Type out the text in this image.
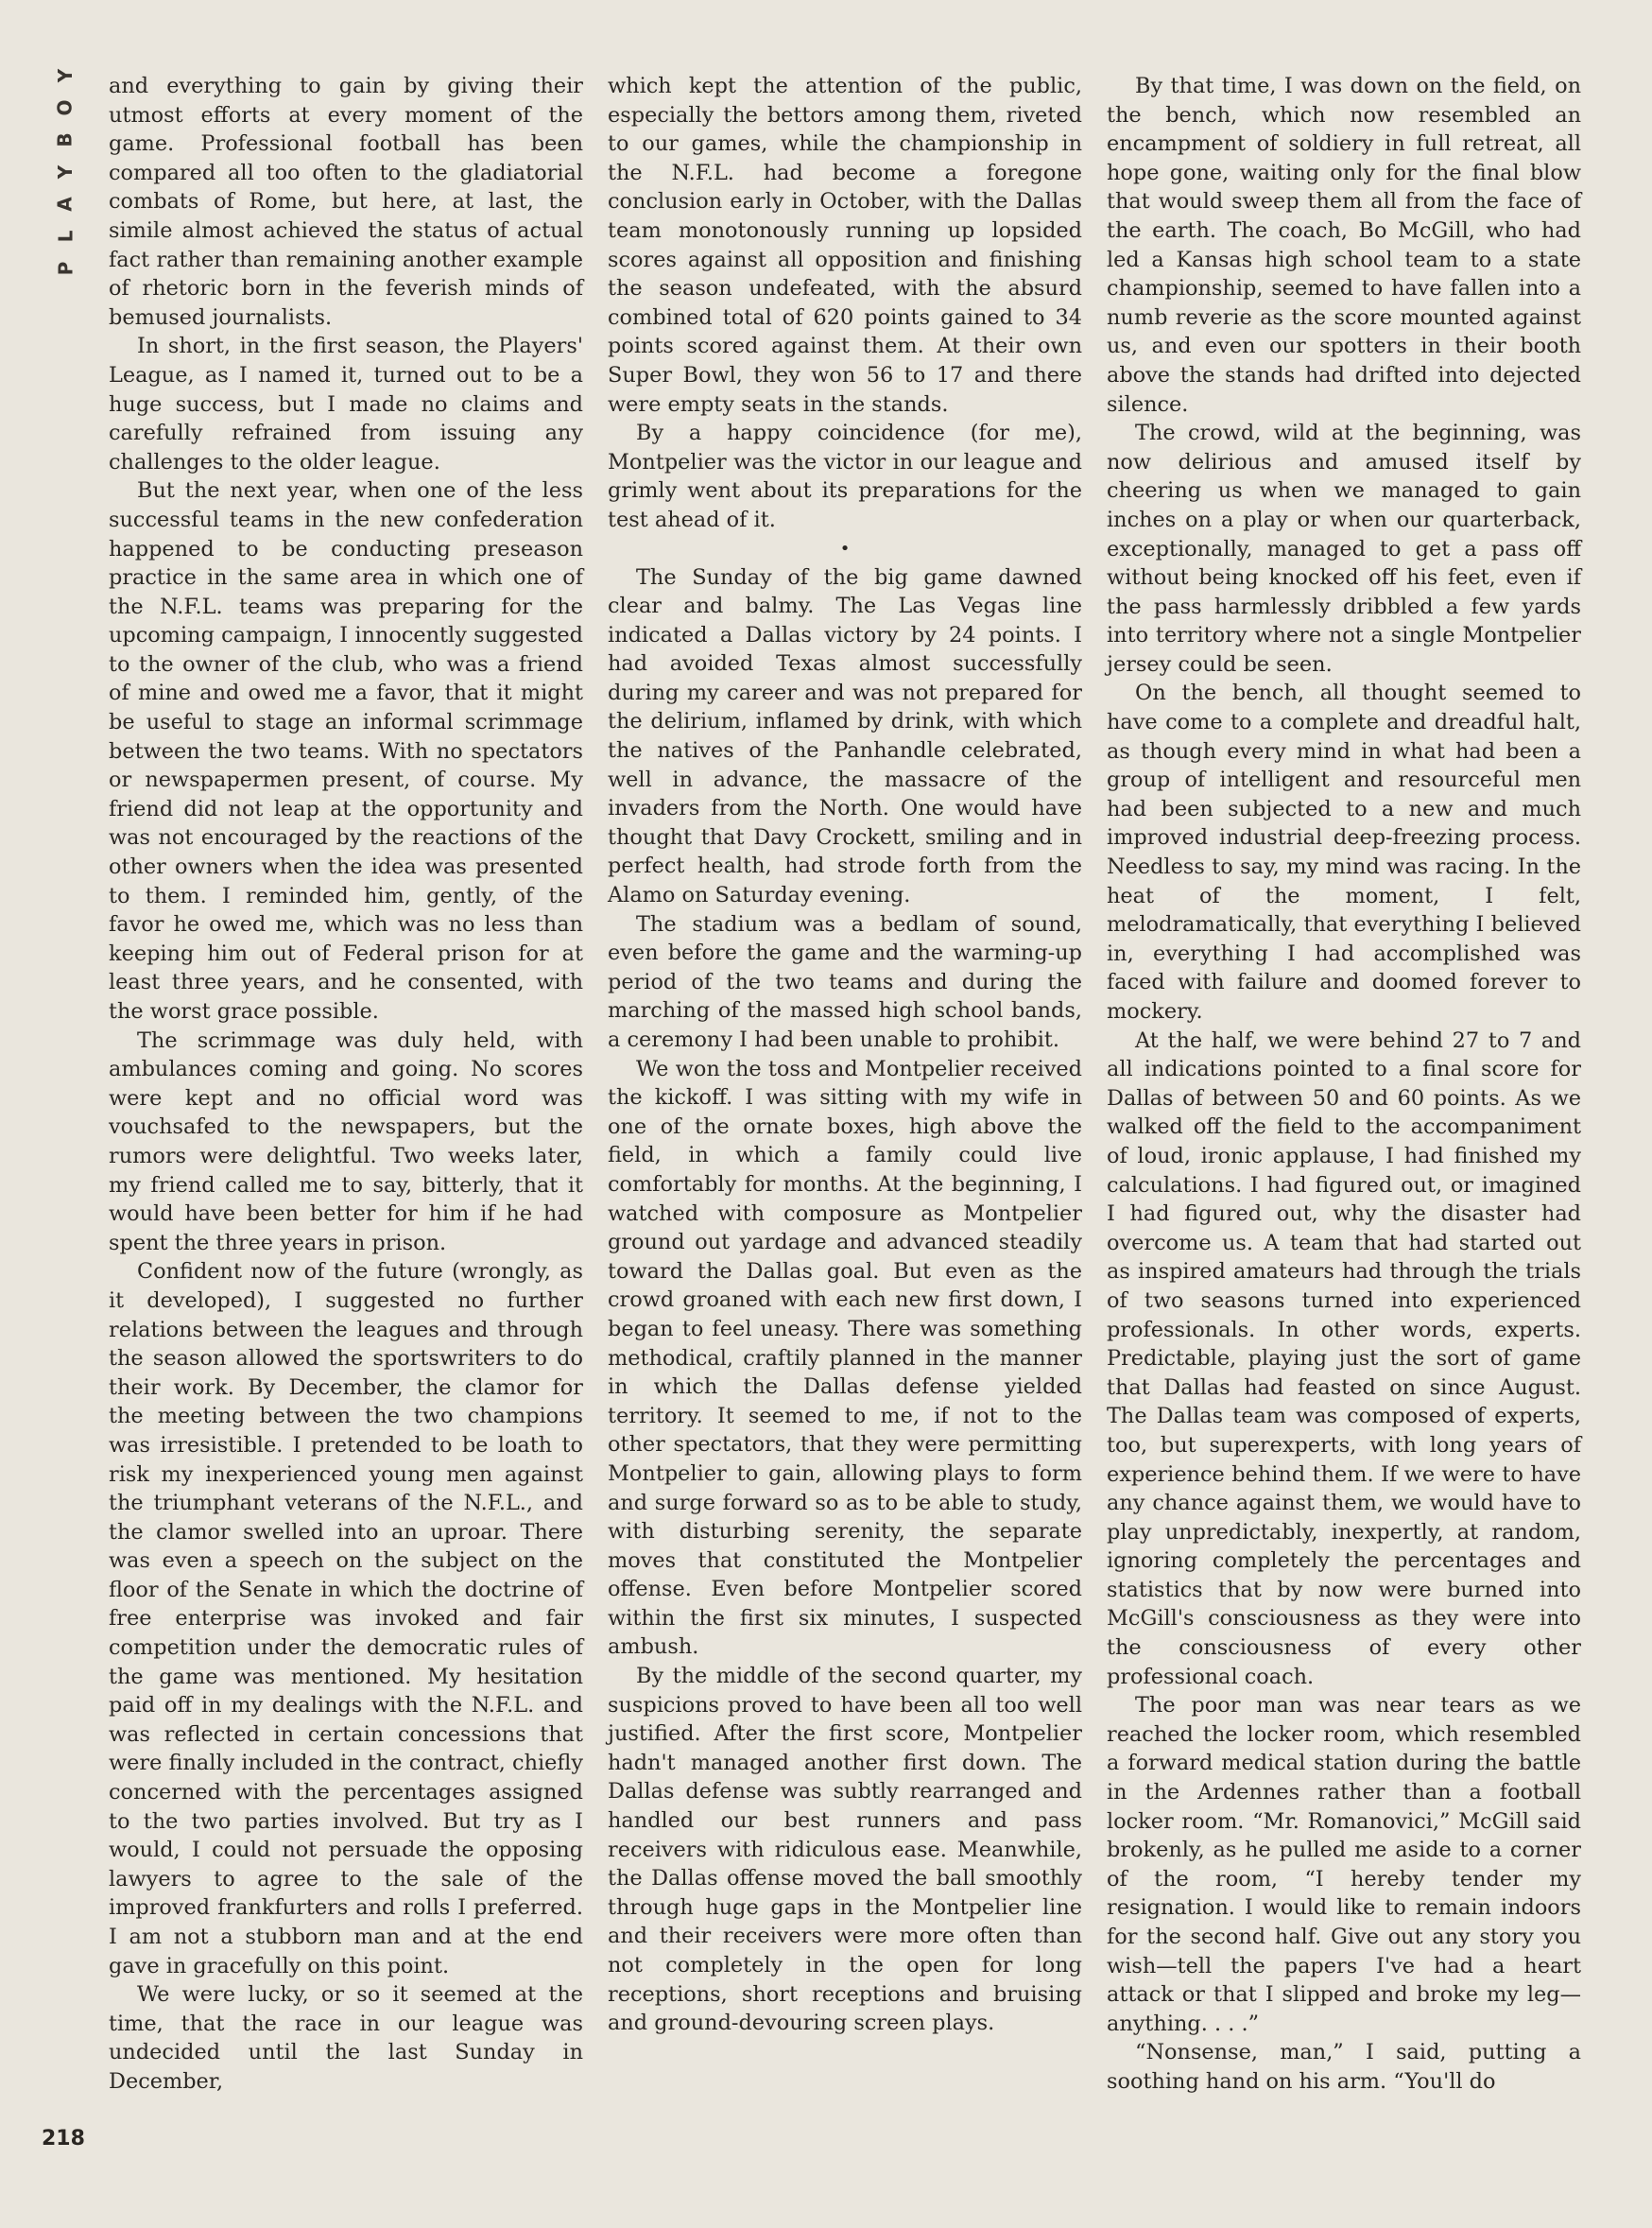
Y
O
B
Y
A
L
P

and everything to gain by giving their utmost efforts at every moment of the game. Professional football has been compared all too often to the gladiatorial combats of Rome, but here, at last, the simile almost achieved the status of actual fact rather than remaining another example of rhetoric born in the feverish minds of bemused journalists.

In short, in the first season, the Players' League, as I named it, turned out to be a huge success, but I made no claims and carefully refrained from issuing any challenges to the older league.

But the next year, when one of the less successful teams in the new confederation happened to be conducting preseason practice in the same area in which one of the N.F.L. teams was preparing for the upcoming campaign, I innocently suggested to the owner of the club, who was a friend of mine and owed me a favor, that it might be useful to stage an informal scrimmage between the two teams. With no spectators or newspapermen present, of course. My friend did not leap at the opportunity and was not encouraged by the reactions of the other owners when the idea was presented to them. I reminded him, gently, of the favor he owed me, which was no less than keeping him out of Federal prison for at least three years, and he consented, with the worst grace possible.

The scrimmage was duly held, with ambulances coming and going. No scores were kept and no official word was vouchsafed to the newspapers, but the rumors were delightful. Two weeks later, my friend called me to say, bitterly, that it would have been better for him if he had spent the three years in prison.

Confident now of the future (wrongly, as it developed), I suggested no further relations between the leagues and through the season allowed the sportswriters to do their work. By December, the clamor for the meeting between the two champions was irresistible. I pretended to be loath to risk my inexperienced young men against the triumphant veterans of the N.F.L., and the clamor swelled into an uproar. There was even a speech on the subject on the floor of the Senate in which the doctrine of free enterprise was invoked and fair competition under the democratic rules of the game was mentioned. My hesitation paid off in my dealings with the N.F.L. and was reflected in certain concessions that were finally included in the contract, chiefly concerned with the percentages assigned to the two parties involved. But try as I would, I could not persuade the opposing lawyers to agree to the sale of the improved frankfurters and rolls I preferred. I am not a stubborn man and at the end gave in gracefully on this point.

We were lucky, or so it seemed at the time, that the race in our league was undecided until the last Sunday in December,

which kept the attention of the public, especially the bettors among them, riveted to our games, while the championship in the N.F.L. had become a foregone conclusion early in October, with the Dallas team monotonously running up lopsided scores against all opposition and finishing the season undefeated, with the absurd combined total of 620 points gained to 34 points scored against them. At their own Super Bowl, they won 56 to 17 and there were empty seats in the stands.

By a happy coincidence (for me), Montpelier was the victor in our league and grimly went about its preparations for the test ahead of it.

•

The Sunday of the big game dawned clear and balmy. The Las Vegas line indicated a Dallas victory by 24 points. I had avoided Texas almost successfully during my career and was not prepared for the delirium, inflamed by drink, with which the natives of the Panhandle celebrated, well in advance, the massacre of the invaders from the North. One would have thought that Davy Crockett, smiling and in perfect health, had strode forth from the Alamo on Saturday evening.

The stadium was a bedlam of sound, even before the game and the warming-up period of the two teams and during the marching of the massed high school bands, a ceremony I had been unable to prohibit.

We won the toss and Montpelier received the kickoff. I was sitting with my wife in one of the ornate boxes, high above the field, in which a family could live comfortably for months. At the beginning, I watched with composure as Montpelier ground out yardage and advanced steadily toward the Dallas goal. But even as the crowd groaned with each new first down, I began to feel uneasy. There was something methodical, craftily planned in the manner in which the Dallas defense yielded territory. It seemed to me, if not to the other spectators, that they were permitting Montpelier to gain, allowing plays to form and surge forward so as to be able to study, with disturbing serenity, the separate moves that constituted the Montpelier offense. Even before Montpelier scored within the first six minutes, I suspected ambush.

By the middle of the second quarter, my suspicions proved to have been all too well justified. After the first score, Montpelier hadn't managed another first down. The Dallas defense was subtly rearranged and handled our best runners and pass receivers with ridiculous ease. Meanwhile, the Dallas offense moved the ball smoothly through huge gaps in the Montpelier line and their receivers were more often than not completely in the open for long receptions, short receptions and bruising and ground-devouring screen plays.

By that time, I was down on the field, on the bench, which now resembled an encampment of soldiery in full retreat, all hope gone, waiting only for the final blow that would sweep them all from the face of the earth. The coach, Bo McGill, who had led a Kansas high school team to a state championship, seemed to have fallen into a numb reverie as the score mounted against us, and even our spotters in their booth above the stands had drifted into dejected silence.

The crowd, wild at the beginning, was now delirious and amused itself by cheering us when we managed to gain inches on a play or when our quarterback, exceptionally, managed to get a pass off without being knocked off his feet, even if the pass harmlessly dribbled a few yards into territory where not a single Montpelier jersey could be seen.

On the bench, all thought seemed to have come to a complete and dreadful halt, as though every mind in what had been a group of intelligent and resourceful men had been subjected to a new and much improved industrial deep-freezing process. Needless to say, my mind was racing. In the heat of the moment, I felt, melodramatically, that everything I believed in, everything I had accomplished was faced with failure and doomed forever to mockery.

At the half, we were behind 27 to 7 and all indications pointed to a final score for Dallas of between 50 and 60 points. As we walked off the field to the accompaniment of loud, ironic applause, I had finished my calculations. I had figured out, or imagined I had figured out, why the disaster had overcome us. A team that had started out as inspired amateurs had through the trials of two seasons turned into experienced professionals. In other words, experts. Predictable, playing just the sort of game that Dallas had feasted on since August. The Dallas team was composed of experts, too, but superexperts, with long years of experience behind them. If we were to have any chance against them, we would have to play unpredictably, inexpertly, at random, ignoring completely the percentages and statistics that by now were burned into McGill's consciousness as they were into the consciousness of every other professional coach.

The poor man was near tears as we reached the locker room, which resembled a forward medical station during the battle in the Ardennes rather than a football locker room. “Mr. Romanovici,” McGill said brokenly, as he pulled me aside to a corner of the room, “I hereby tender my resignation. I would like to remain indoors for the second half. Give out any story you wish—tell the papers I've had a heart attack or that I slipped and broke my leg—anything. . . .”

“Nonsense, man,” I said, putting a soothing hand on his arm. “You'll do

218
